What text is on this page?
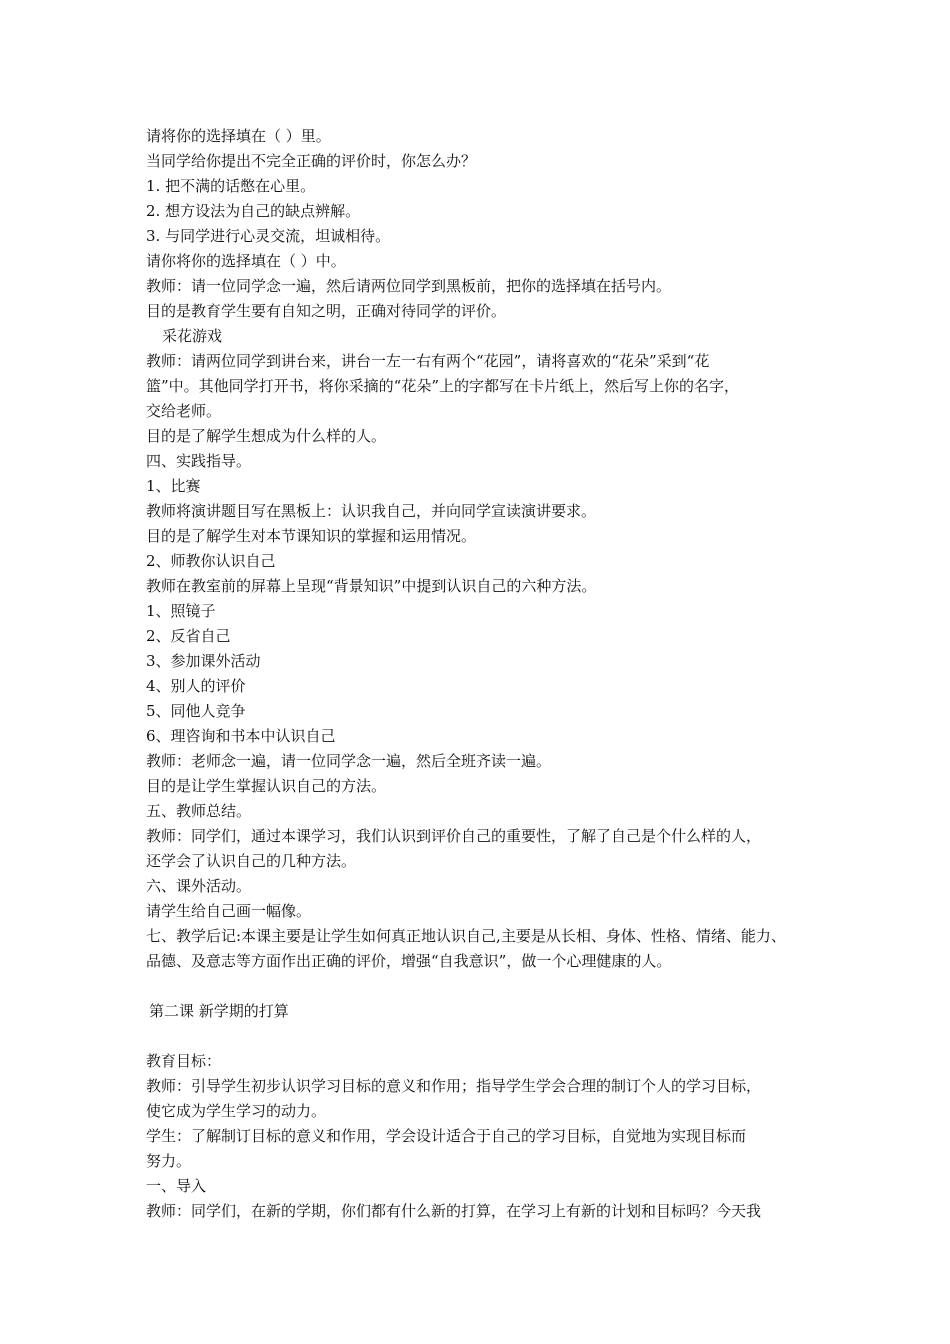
请将你的选择填在（ ）里。
当同学给你提出不完全正确的评价时，你怎么办？
1. 把不满的话憋在心里。
2. 想方设法为自己的缺点辨解。
3. 与同学进行心灵交流，坦诚相待。
请你将你的选择填在（ ）中。
教师：请一位同学念一遍，然后请两位同学到黑板前，把你的选择填在括号内。
目的是教育学生要有自知之明，正确对待同学的评价。
采花游戏
教师：请两位同学到讲台来，讲台一左一右有两个“花园”，请将喜欢的“花朵”采到“花
篮”中。其他同学打开书，将你采摘的“花朵”上的字都写在卡片纸上，然后写上你的名字，
交给老师。
目的是了解学生想成为什么样的人。
四、实践指导。
1、比赛
教师将演讲题目写在黑板上：认识我自己，并向同学宣读演讲要求。
目的是了解学生对本节课知识的掌握和运用情况。
2、师教你认识自己
教师在教室前的屏幕上呈现“背景知识”中提到认识自己的六种方法。
1、照镜子
2、反省自己
3、参加课外活动
4、别人的评价
5、同他人竞争
6、理咨询和书本中认识自己
教师：老师念一遍，请一位同学念一遍，然后全班齐读一遍。
目的是让学生掌握认识自己的方法。
五、教师总结。
教师：同学们，通过本课学习，我们认识到评价自己的重要性，了解了自己是个什么样的人，
还学会了认识自己的几种方法。
六、课外活动。
请学生给自己画一幅像。
七、教学后记:本课主要是让学生如何真正地认识自己,主要是从长相、身体、性格、情绪、能力、
品德、及意志等方面作出正确的评价，增强“自我意识”，做一个心理健康的人。
第二课 新学期的打算
教育目标：
教师：引导学生初步认识学习目标的意义和作用；指导学生学会合理的制订个人的学习目标，
使它成为学生学习的动力。
学生：了解制订目标的意义和作用，学会设计适合于自己的学习目标，自觉地为实现目标而
努力。
一、导入
教师：同学们，在新的学期，你们都有什么新的打算，在学习上有新的计划和目标吗？今天我
